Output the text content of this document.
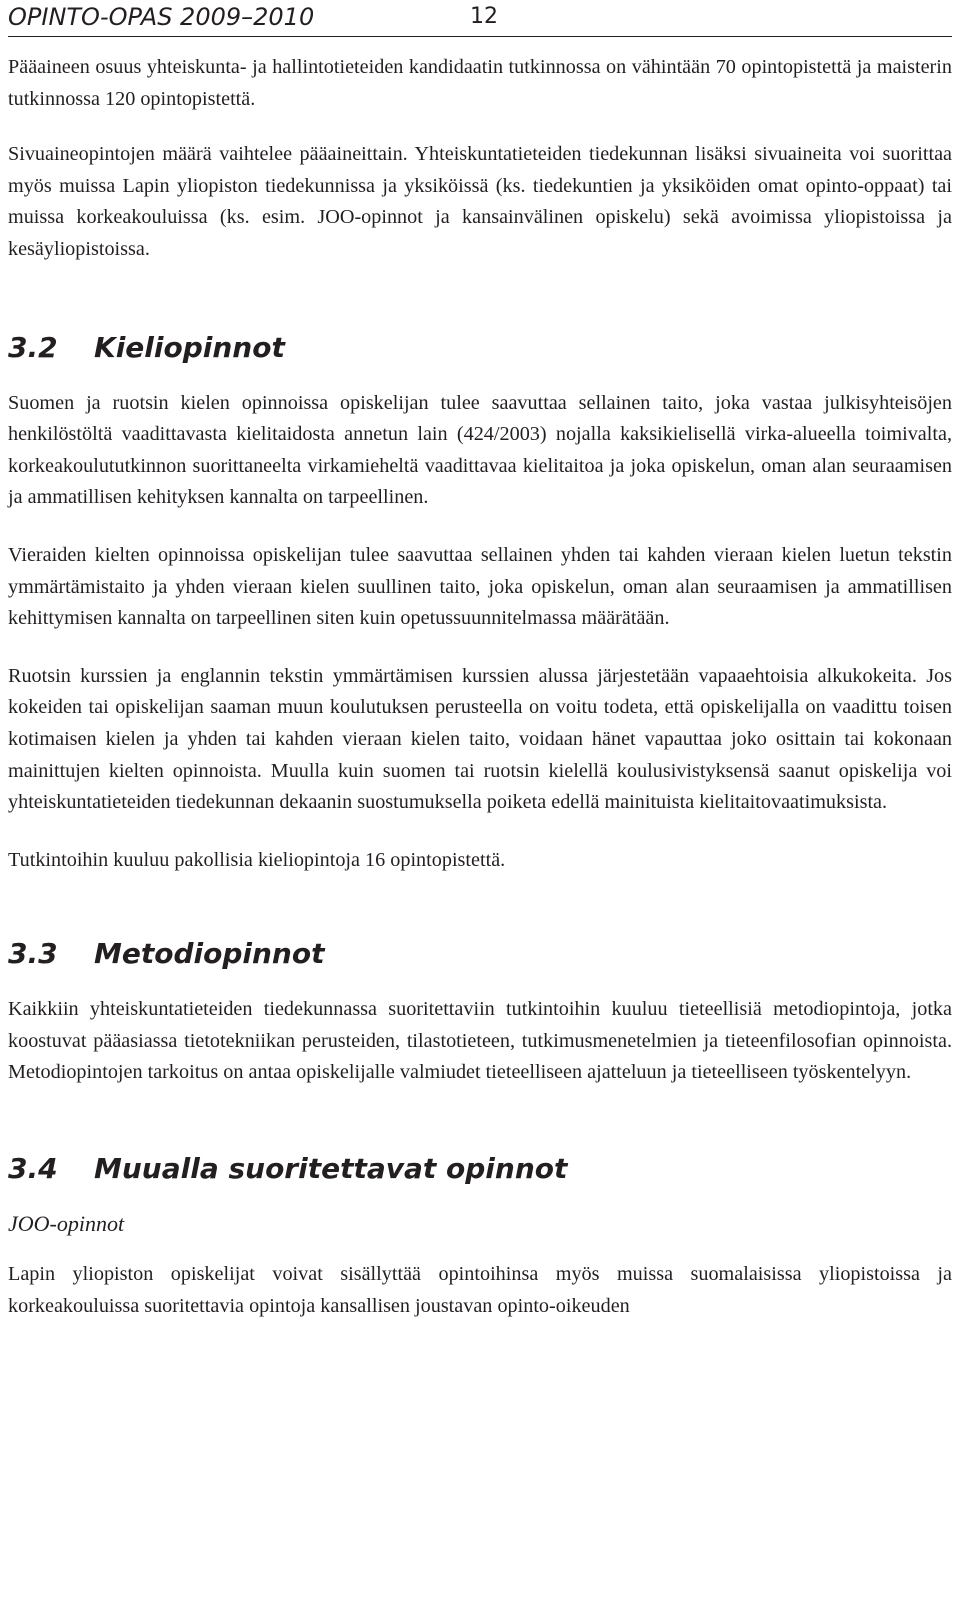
OPINTO-OPAS 2009–2010	12

Pääaineen osuus yhteiskunta- ja hallintotieteiden kandidaatin tutkinnossa on vähintään 70 opintopistettä ja maisterin tutkinnossa 120 opintopistettä.

Sivuaineopintojen määrä vaihtelee pääaineittain. Yhteiskuntatieteiden tiedekunnan lisäksi sivuaineita voi suorittaa myös muissa Lapin yliopiston tiedekunnissa ja yksiköissä (ks. tiedekuntien ja yksiköiden omat opinto-oppaat) tai muissa korkeakouluissa (ks. esim. JOO-opinnot ja kansainvälinen opiskelu) sekä avoimissa yliopistoissa ja kesäyliopistoissa.

3.2 Kieliopinnot

Suomen ja ruotsin kielen opinnoissa opiskelijan tulee saavuttaa sellainen taito, joka vastaa julkisyhteisöjen henkilöstöltä vaadittavasta kielitaidosta annetun lain (424/2003) nojalla kaksikielisellä virka-alueella toimivalta, korkeakoulututkinnon suorittaneelta virkamieheltä vaadittavaa kielitaitoa ja joka opiskelun, oman alan seuraamisen ja ammatillisen kehityksen kannalta on tarpeellinen.

Vieraiden kielten opinnoissa opiskelijan tulee saavuttaa sellainen yhden tai kahden vieraan kielen luetun tekstin ymmärtämistaito ja yhden vieraan kielen suullinen taito, joka opiskelun, oman alan seuraamisen ja ammatillisen kehittymisen kannalta on tarpeellinen siten kuin opetussuunnitelmassa määrätään.

Ruotsin kurssien ja englannin tekstin ymmärtämisen kurssien alussa järjestetään vapaaehtoisia alkukokeita. Jos kokeiden tai opiskelijan saaman muun koulutuksen perusteella on voitu todeta, että opiskelijalla on vaadittu toisen kotimaisen kielen ja yhden tai kahden vieraan kielen taito, voidaan hänet vapauttaa joko osittain tai kokonaan mainittujen kielten opinnoista. Muulla kuin suomen tai ruotsin kielellä koulusivistyksensä saanut opiskelija voi yhteiskuntatieteiden tiedekunnan dekaanin suostumuksella poiketa edellä mainituista kielitaitovaatimuksista.

Tutkintoihin kuuluu pakollisia kieliopintoja 16 opintopistettä.

3.3 Metodiopinnot

Kaikkiin yhteiskuntatieteiden tiedekunnassa suoritettaviin tutkintoihin kuuluu tieteellisiä metodiopintoja, jotka koostuvat pääasiassa tietotekniikan perusteiden, tilastotieteen, tutkimusmenetelmien ja tieteenfilosofian opinnoista. Metodiopintojen tarkoitus on antaa opiskelijalle valmiudet tieteelliseen ajatteluun ja tieteelliseen työskentelyyn.

3.4 Muualla suoritettavat opinnot
JOO-opinnot

Lapin yliopiston opiskelijat voivat sisällyttää opintoihinsa myös muissa suomalaisissa yliopistoissa ja korkeakouluissa suoritettavia opintoja kansallisen joustavan opinto-oikeuden
